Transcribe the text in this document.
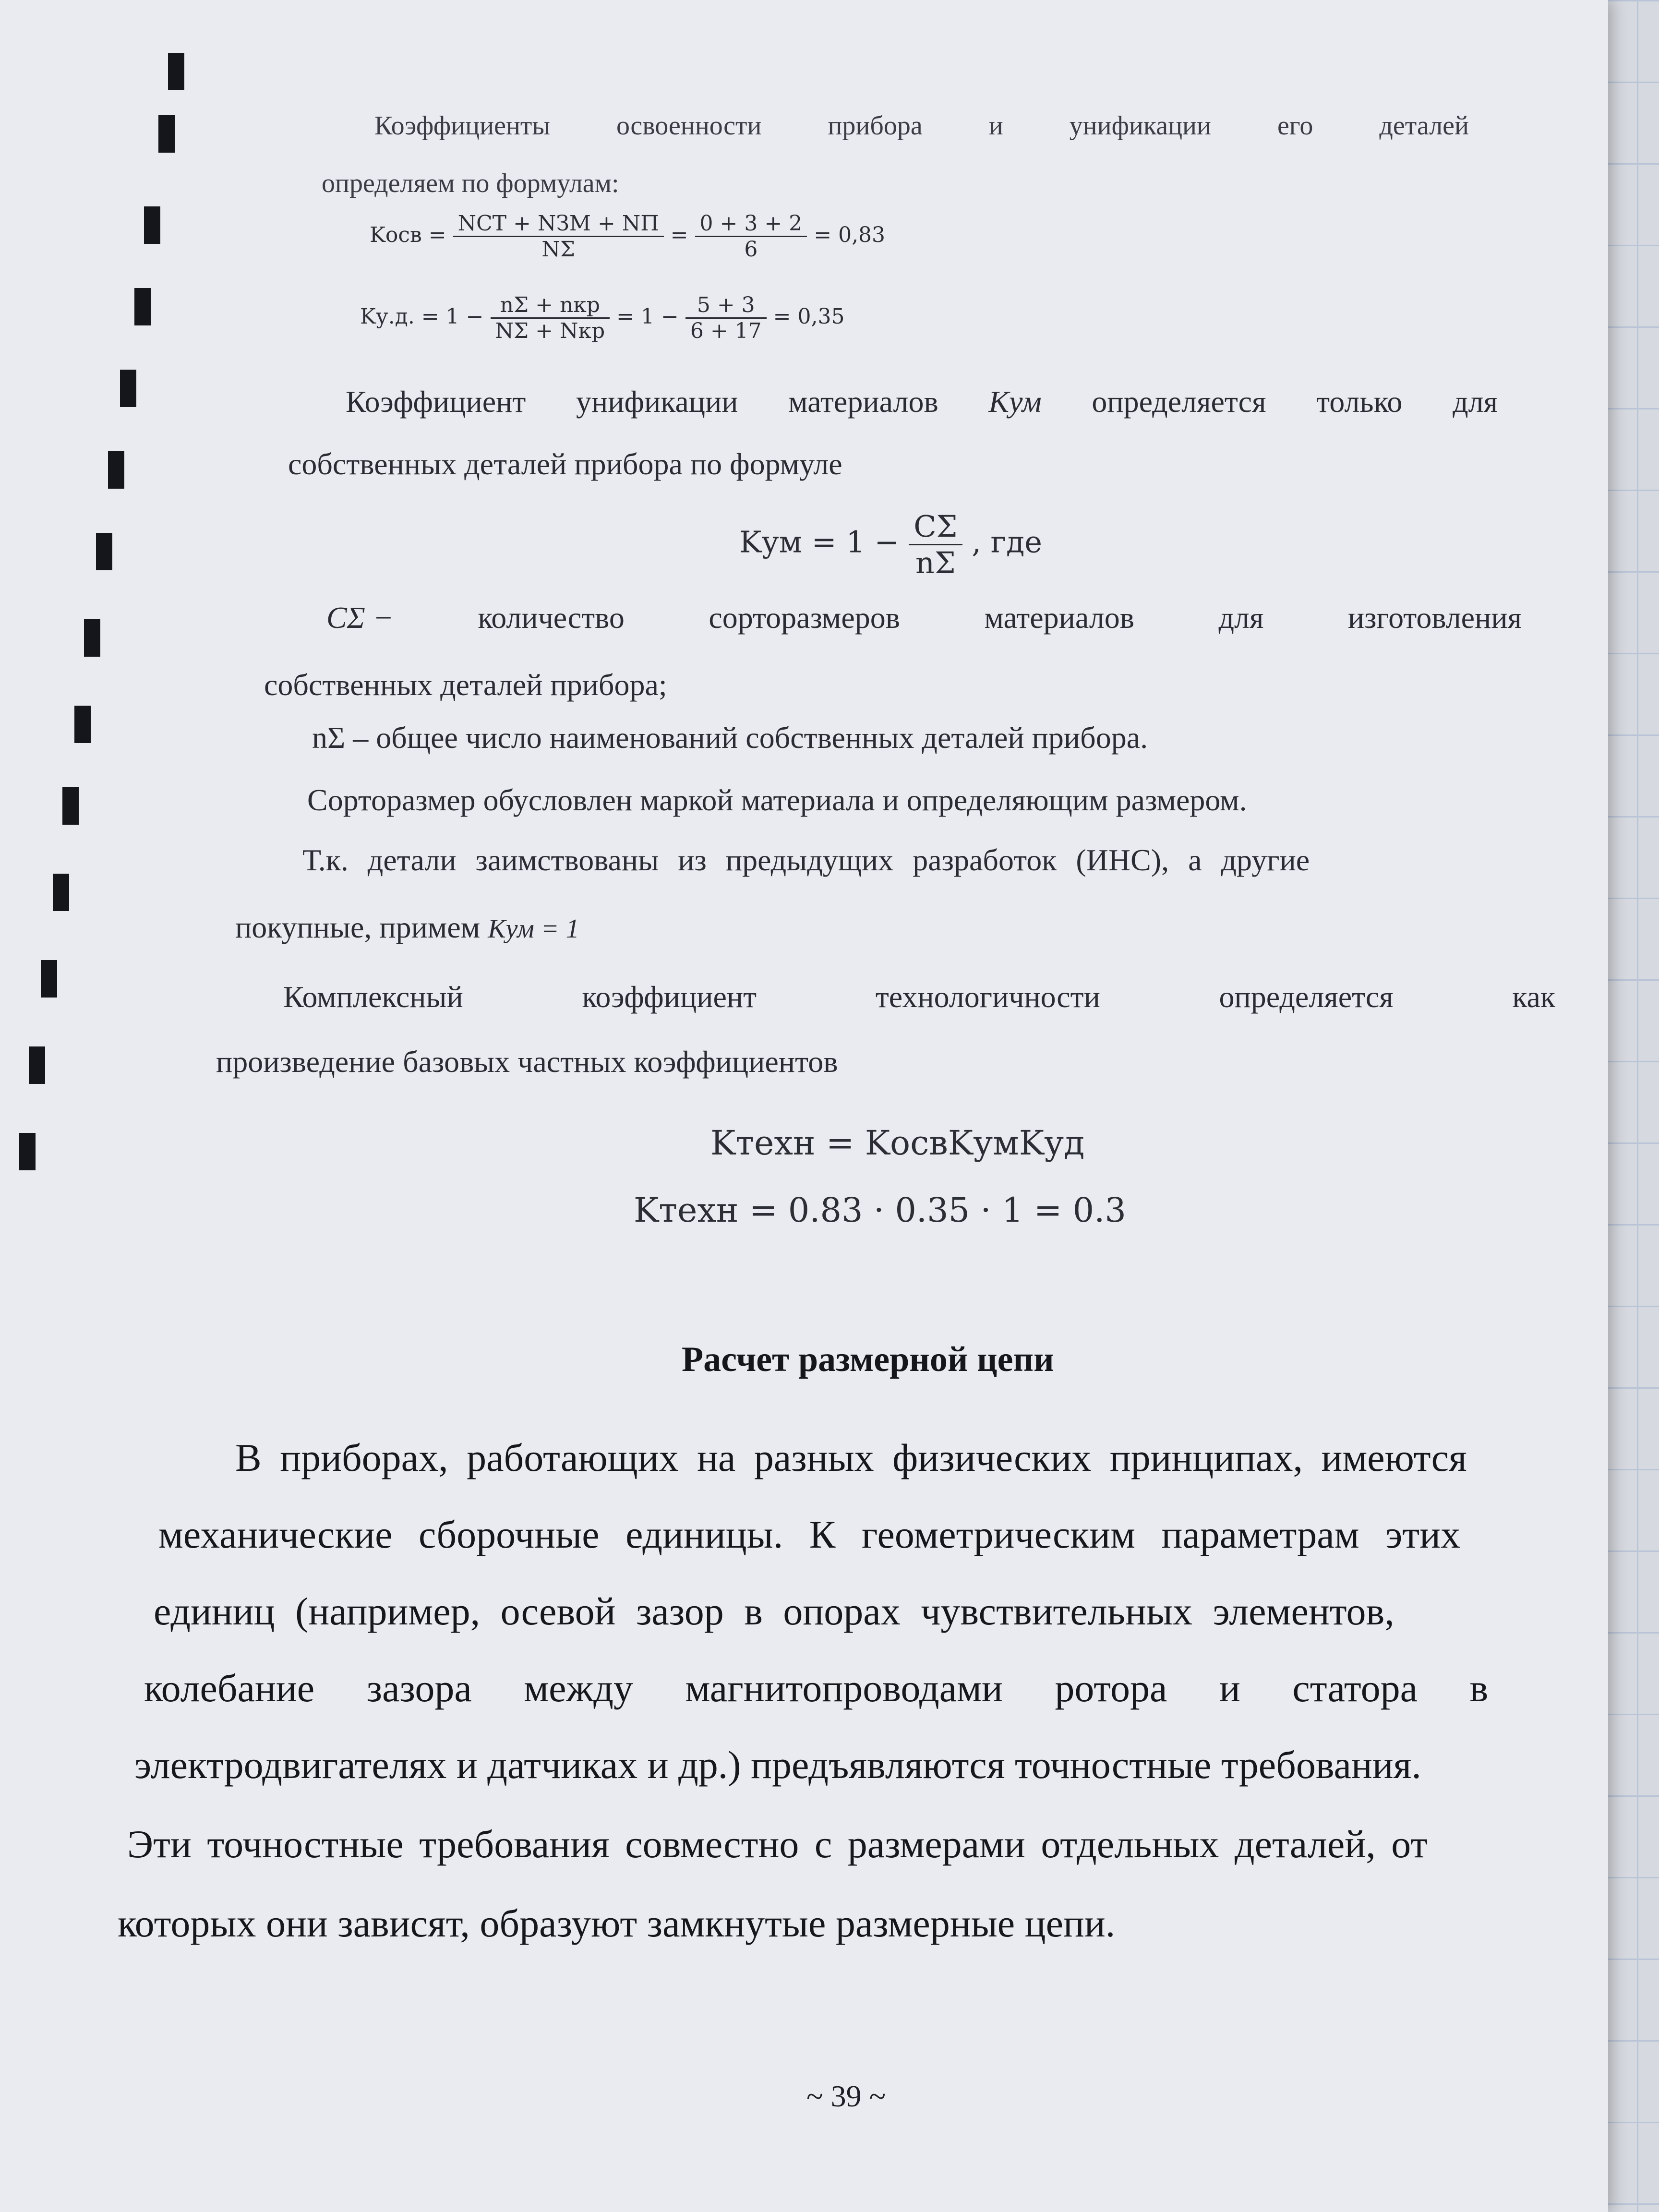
Коэффициенты освоенности прибора и унификации его деталей

определяем по формулам:

Kосв = $\frac{\text{NСТ + NЗМ + NП}}{N\Sigma} = \frac{0 + 3 + 2}{6} = 0,83$
Kу.д. = $1 - \frac{\text{nΣ + nкр}}{\text{NΣ + Nкр}} = 1 - \frac{5 + 3}{6 + 17} = 0,35$
Коэффициент унификации материалов Kум определяется только для

собственных деталей прибора по формуле

Kум = $1 - \frac{C\Sigma}{n\Sigma}$ , где
CΣ −	количество	сорторазмеров	материалов	для	изготовления

собственных деталей прибора;

nΣ – общее число наименований собственных деталей прибора.

Сорторазмер обусловлен маркой материала и определяющим размером.

Т.к. детали заимствованы из предыдущих разработок (ИНС), а другие

покупные, примем Kум = 1

Комплексный	коэффициент	технологичности	определяется	как

произведение базовых частных коэффициентов

Kтехн = KосвKумKуд

Kтехн = 0.83 · 0.35 · 1 = 0.3

Расчет размерной цепи

В приборах, работающих на разных физических принципах, имеются

механические сборочные единицы. К геометрическим параметрам этих

единиц (например, осевой зазор в опорах чувствительных элементов,

колебание зазора между магнитопроводами ротора и статора в

электродвигателях и датчиках и др.) предъявляются точностные требования.

Эти точностные требования совместно с размерами отдельных деталей, от

которых они зависят, образуют замкнутые размерные цепи.

~ 39 ~
